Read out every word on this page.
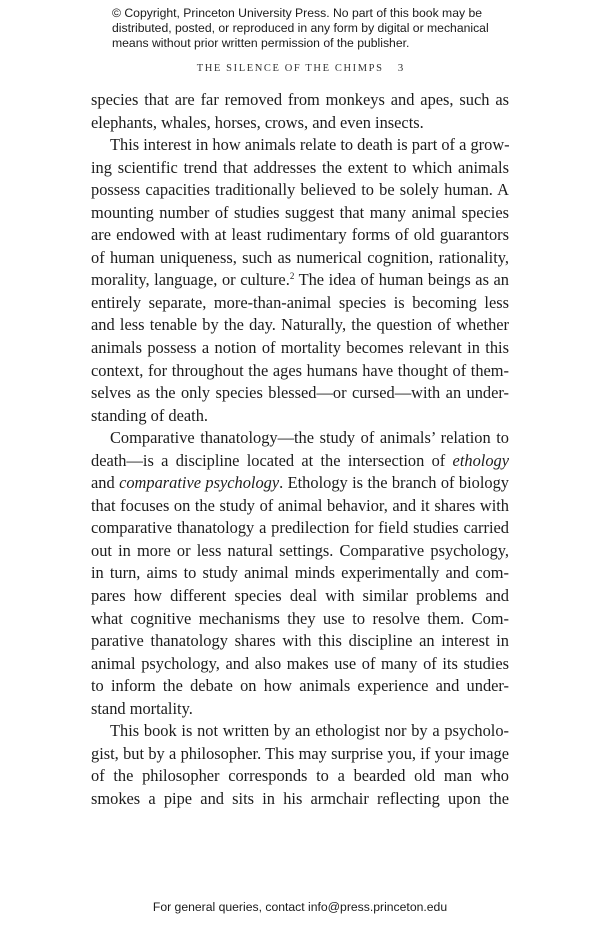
© Copyright, Princeton University Press. No part of this book may be
distributed, posted, or reproduced in any form by digital or mechanical
means without prior written permission of the publisher.
THE SILENCE OF THE CHIMPS 3
species that are far removed from monkeys and apes, such as
elephants, whales, horses, crows, and even insects.
This interest in how animals relate to death is part of a grow-
ing scientific trend that addresses the extent to which animals
possess capacities traditionally believed to be solely human. A
mounting number of studies suggest that many animal species
are endowed with at least rudimentary forms of old guarantors
of human uniqueness, such as numerical cognition, rationality,
morality, language, or culture.$^2$ The idea of human beings as an
entirely separate, more-than-animal species is becoming less
and less tenable by the day. Naturally, the question of whether
animals possess a notion of mortality becomes relevant in this
context, for throughout the ages humans have thought of them-
selves as the only species blessed—or cursed—with an under-
standing of death.
Comparative thanatology—the study of animals’ relation to
death—is a discipline located at the intersection of ethology
and comparative psychology. Ethology is the branch of biology
that focuses on the study of animal behavior, and it shares with
comparative thanatology a predilection for field studies carried
out in more or less natural settings. Comparative psychology,
in turn, aims to study animal minds experimentally and com-
pares how different species deal with similar problems and
what cognitive mechanisms they use to resolve them. Com-
parative thanatology shares with this discipline an interest in
animal psychology, and also makes use of many of its studies
to inform the debate on how animals experience and under-
stand mortality.
This book is not written by an ethologist nor by a psycholo-
gist, but by a philosopher. This may surprise you, if your image
of the philosopher corresponds to a bearded old man who
smokes a pipe and sits in his armchair reflecting upon the
For general queries, contact info@press.princeton.edu
